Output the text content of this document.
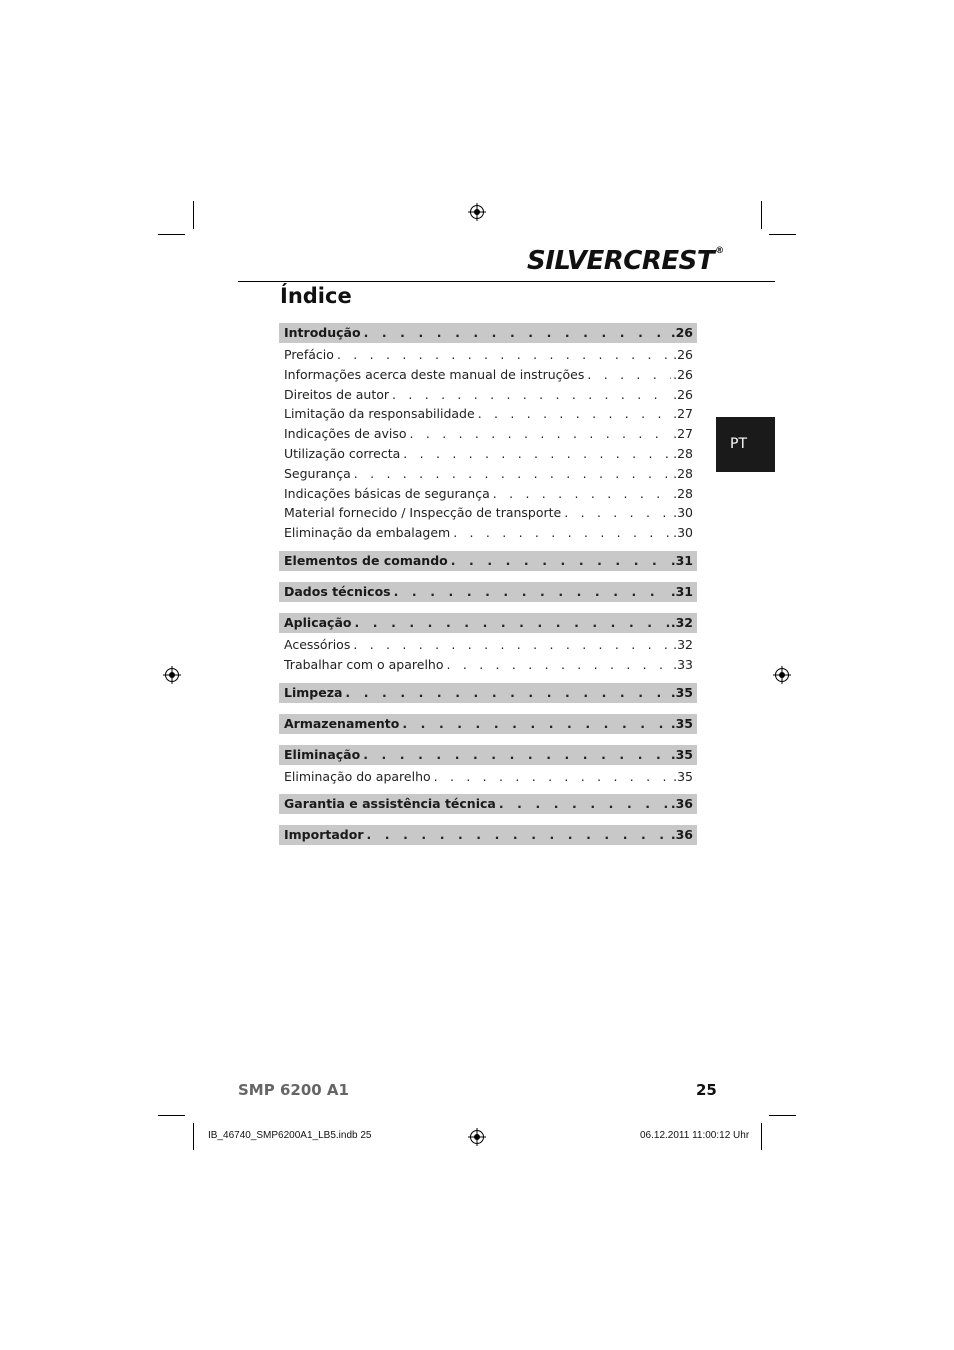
SILVERCREST®
Índice
Introdução . . .	.26
Prefácio . . .	.26
Informações acerca deste manual de instruções . . .	.26
Direitos de autor . . .	.26
Limitação da responsabilidade . . .	.27
Indicações de aviso . . .	.27
Utilização correcta . . .	.28
Segurança . . .	.28
Indicações básicas de segurança . . .	.28
Material fornecido / Inspecção de transporte . . .	.30
Eliminação da embalagem . . .	.30
Elementos de comando . . .	.31
Dados técnicos . . .	.31
Aplicação . . .	.32
Acessórios . . .	.32
Trabalhar com o aparelho . . .	.33
Limpeza . . .	.35
Armazenamento . . .	.35
Eliminação . . .	.35
Eliminação do aparelho . . .	.35
Garantia e assistência técnica . . .	.36
Importador . . .	.36
PT
SMP 6200 A1	25
IB_46740_SMP6200A1_LB5.indb 25	06.12.2011 11:00:12 Uhr
